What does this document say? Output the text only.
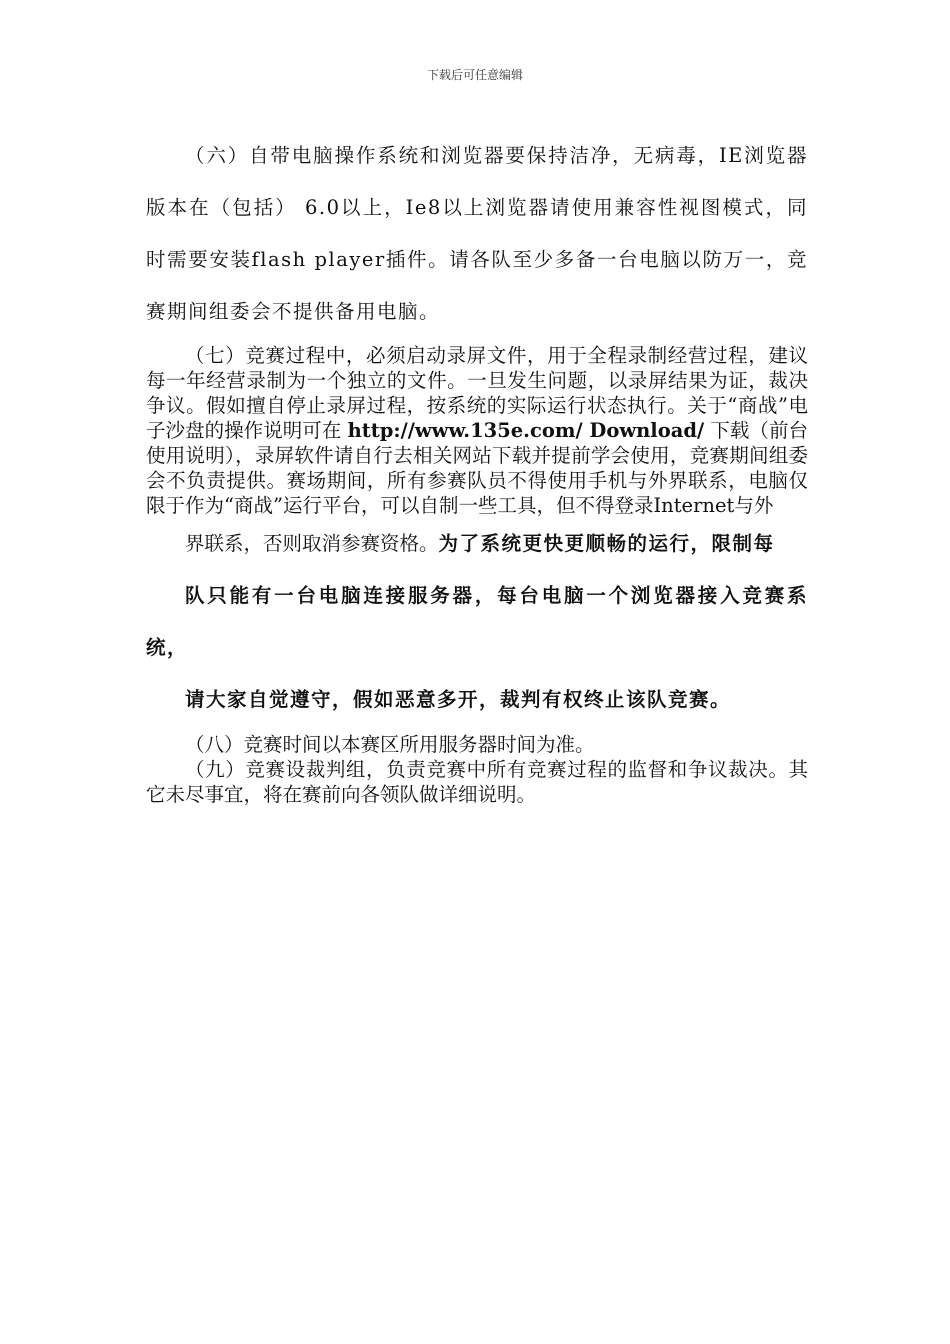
下载后可任意编辑

（六）自带电脑操作系统和浏览器要保持洁净，无病毒，IE浏览器版本在（包括） 6.0以上，Ie8以上浏览器请使用兼容性视图模式，同时需要安装flash player插件。请各队至少多备一台电脑以防万一，竞赛期间组委会不提供备用电脑。

（七）竞赛过程中，必须启动录屏文件，用于全程录制经营过程，建议每一年经营录制为一个独立的文件。一旦发生问题，以录屏结果为证，裁决争议。假如擅自停止录屏过程，按系统的实际运行状态执行。关于“商战”电子沙盘的操作说明可在 http://www.135e.com/ Download/ 下载（前台使用说明），录屏软件请自行去相关网站下载并提前学会使用，竞赛期间组委会不负责提供。赛场期间，所有参赛队员不得使用手机与外界联系，电脑仅限于作为“商战”运行平台，可以自制一些工具，但不得登录Internet与外
界联系，否则取消参赛资格。为了系统更快更顺畅的运行，限制每
队只能有一台电脑连接服务器，每台电脑一个浏览器接入竞赛系统，
请大家自觉遵守，假如恶意多开，裁判有权终止该队竞赛。

（八）竞赛时间以本赛区所用服务器时间为准。

（九）竞赛设裁判组，负责竞赛中所有竞赛过程的监督和争议裁决。其它未尽事宜，将在赛前向各领队做详细说明。
